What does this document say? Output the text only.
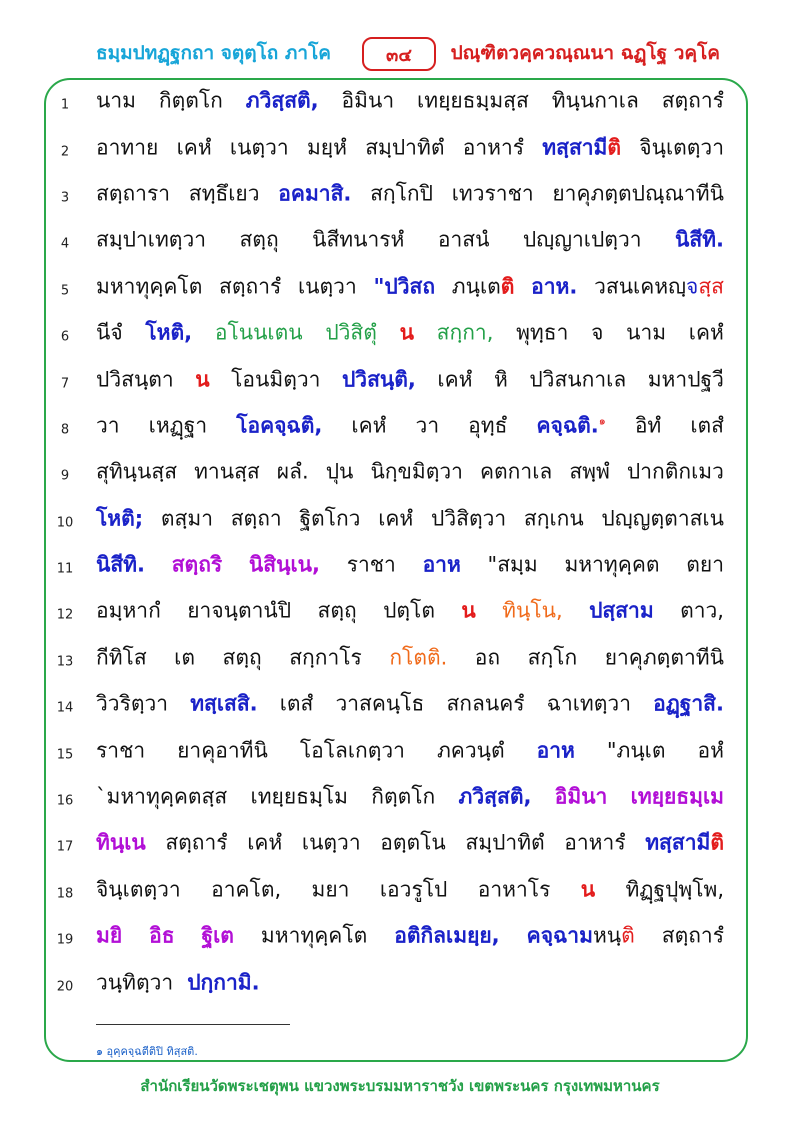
ธมฺมปทฏฺฐกถา จตุตฺโถ ภาโค	๓๔ ปณฺฑิตวคฺควณฺณนา ฉฏฺโฐ วคฺโค
1	นาม กิตฺตโก ภวิสฺสติ, อิมินา เทยฺยธมฺมสฺส ทินฺนกาเล สตฺถารํ
2	อาทาย เคหํ เนตฺวา มยฺหํ สมฺปาทิตํ อาหารํ ทสฺสามีติ จินฺเตตฺวา
3	สตฺถารา สทฺธึเยว อคมาสิ. สกฺโกปิ เทวราชา ยาคุภตฺตปณฺณาทีนิ
4	สมฺปาเทตฺวา สตฺถุ นิสีทนารหํ อาสนํ ปญฺญาเปตฺวา นิสีทิ.
5	มหาทุคฺคโต สตฺถารํ เนตฺวา "ปวิสถ ภนฺเตติ อาห. วสนเคหญฺจสฺส
6	นีจํ โหติ, อโนนเตน ปวิสิตุํ น สกฺกา, พุทฺธา จ นาม เคหํ
7	ปวิสนฺตา น โอนมิตฺวา ปวิสนฺติ, เคหํ หิ ปวิสนกาเล มหาปฐวี
8	วา เหฏฺฐา โอคจฺฉติ, เคหํ วา อุทฺธํ คจฺฉติ.$^๑$ อิทํ เตสํ
9	สุทินฺนสฺส ทานสฺส ผลํ. ปุน นิกฺขมิตฺวา คตกาเล สพฺพํ ปากติกเมว
10	โหติ; ตสฺมา สตฺถา ฐิตโกว เคหํ ปวิสิตฺวา สกฺเกน ปญฺญตฺตาสเน
11	นิสีทิ. สตฺถริ นิสินฺเน, ราชา อาห "สมฺม มหาทุคฺคต ตยา
12	อมฺหากํ ยาจนฺตานํปิ สตฺถุ ปตฺโต น ทินฺโน, ปสฺสาม ตาว,
13	กีทิโส เต สตฺถุ สกฺกาโร กโตติ. อถ สกฺโก ยาคุภตฺตาทีนิ
14	วิวริตฺวา ทสฺเสสิ. เตสํ วาสคนฺโธ สกลนครํ ฉาเทตฺวา อฏฺฐาสิ.
15	ราชา ยาคุอาทีนิ โอโลเกตฺวา ภควนฺตํ อาห "ภนฺเต อหํ
16	`มหาทุคฺคตสฺส เทยฺยธมฺโม กิตฺตโก ภวิสฺสติ, อิมินา เทยฺยธมฺเม
17	ทินฺเน สตฺถารํ เคหํ เนตฺวา อตฺตโน สมฺปาทิตํ อาหารํ ทสฺสามีติ
18	จินฺเตตฺวา อาคโต, มยา เอวรูโป อาหาโร น ทิฏฺฐปุพฺโพ,
19	มยิ อิธ ฐิเต มหาทุคฺคโต อติกิลเมยฺย, คจฺฉามหนฺติ สตฺถารํ
20	วนฺทิตฺวา ปกฺกามิ.
๑ อุคฺคจฺฉตีติปิ ทิสฺสติ.
สำนักเรียนวัดพระเชตุพน แขวงพระบรมมหาราชวัง เขตพระนคร กรุงเทพมหานคร
